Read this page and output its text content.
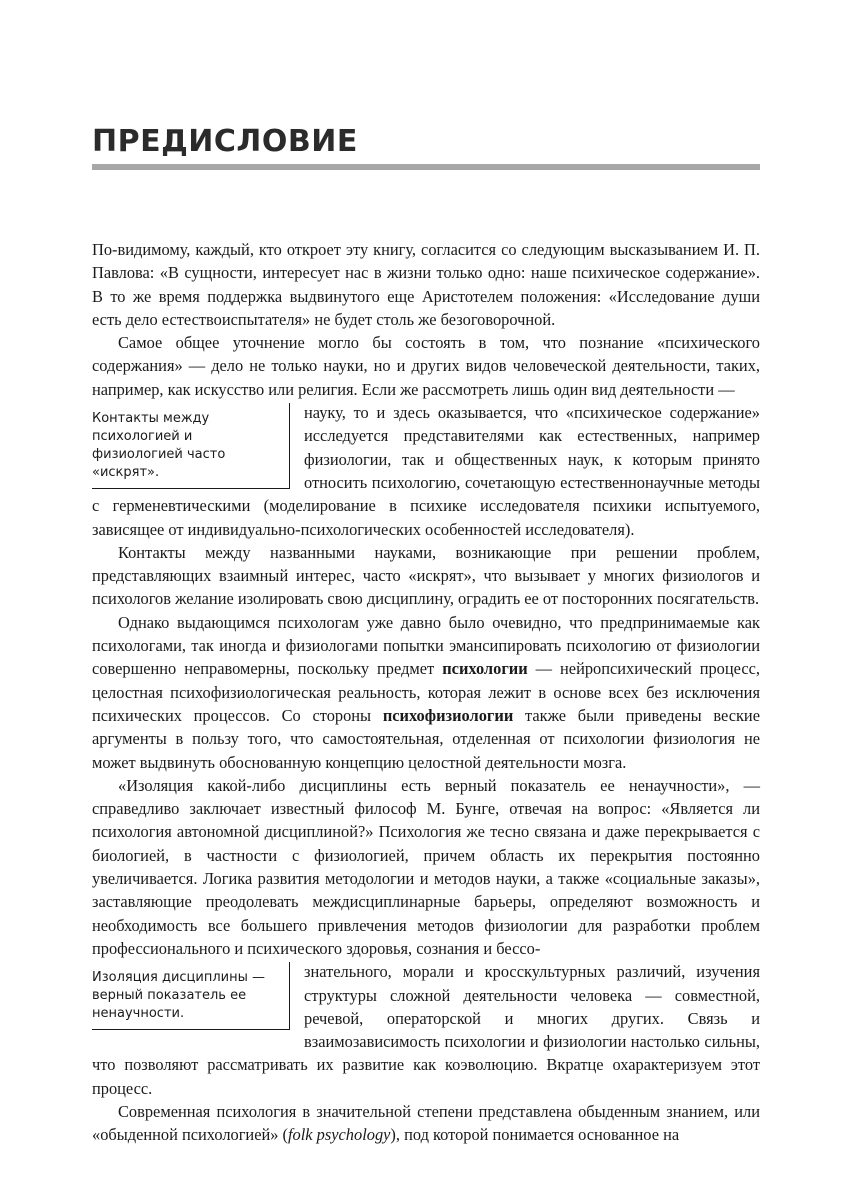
ПРЕДИСЛОВИЕ

По-видимому, каждый, кто откроет эту книгу, согласится со следующим высказыванием И. П. Павлова: «В сущности, интересует нас в жизни только одно: наше психическое содержание». В то же время поддержка выдвинутого еще Аристотелем положения: «Исследование души есть дело естествоиспытателя» не будет столь же безоговорочной.

Самое общее уточнение могло бы состоять в том, что познание «психического содержания» — дело не только науки, но и других видов человеческой деятельности, таких, например, как искусство или религия. Если же рассмотреть лишь один вид деятельности —

Контакты между психологией и физиологией часто «искрят».
науку, то и здесь оказывается, что «психическое содержание» исследуется представителями как естественных, например физиологии, так и общественных наук, к которым принято относить психологию, сочетающую естественнонаучные методы с герменевтическими (моделирование в психике исследователя психики испытуемого, зависящее от индивидуально-психологических особенностей исследователя).

Контакты между названными науками, возникающие при решении проблем, представляющих взаимный интерес, часто «искрят», что вызывает у многих физиологов и психологов желание изолировать свою дисциплину, оградить ее от посторонних посягательств.

Однако выдающимся психологам уже давно было очевидно, что предпринимаемые как психологами, так иногда и физиологами попытки эмансипировать психологию от физиологии совершенно неправомерны, поскольку предмет психологии — нейропсихический процесс, целостная психофизиологическая реальность, которая лежит в основе всех без исключения психических процессов. Со стороны психофизиологии также были приведены веские аргументы в пользу того, что самостоятельная, отделенная от психологии физиология не может выдвинуть обоснованную концепцию целостной деятельности мозга.

«Изоляция какой-либо дисциплины есть верный показатель ее ненаучности», — справедливо заключает известный философ М. Бунге, отвечая на вопрос: «Является ли психология автономной дисциплиной?» Психология же тесно связана и даже перекрывается с биологией, в частности с физиологией, причем область их перекрытия постоянно увеличивается. Логика развития методологии и методов науки, а также «социальные заказы», заставляющие преодолевать междисциплинарные барьеры, определяют возможность и необходимость все большего привлечения методов физиологии для разработки проблем профессионального и психического здоровья, сознания и бессо-

Изоляция дисциплины — верный показатель ее ненаучности.
знательного, морали и кросскультурных различий, изучения структуры сложной деятельности человека — совместной, речевой, операторской и многих других. Связь и взаимозависимость психологии и физиологии настолько сильны, что позволяют рассматривать их развитие как коэволюцию. Вкратце охарактеризуем этот процесс.

Современная психология в значительной степени представлена обыденным знанием, или «обыденной психологией» (folk psychology), под которой понимается основанное на
